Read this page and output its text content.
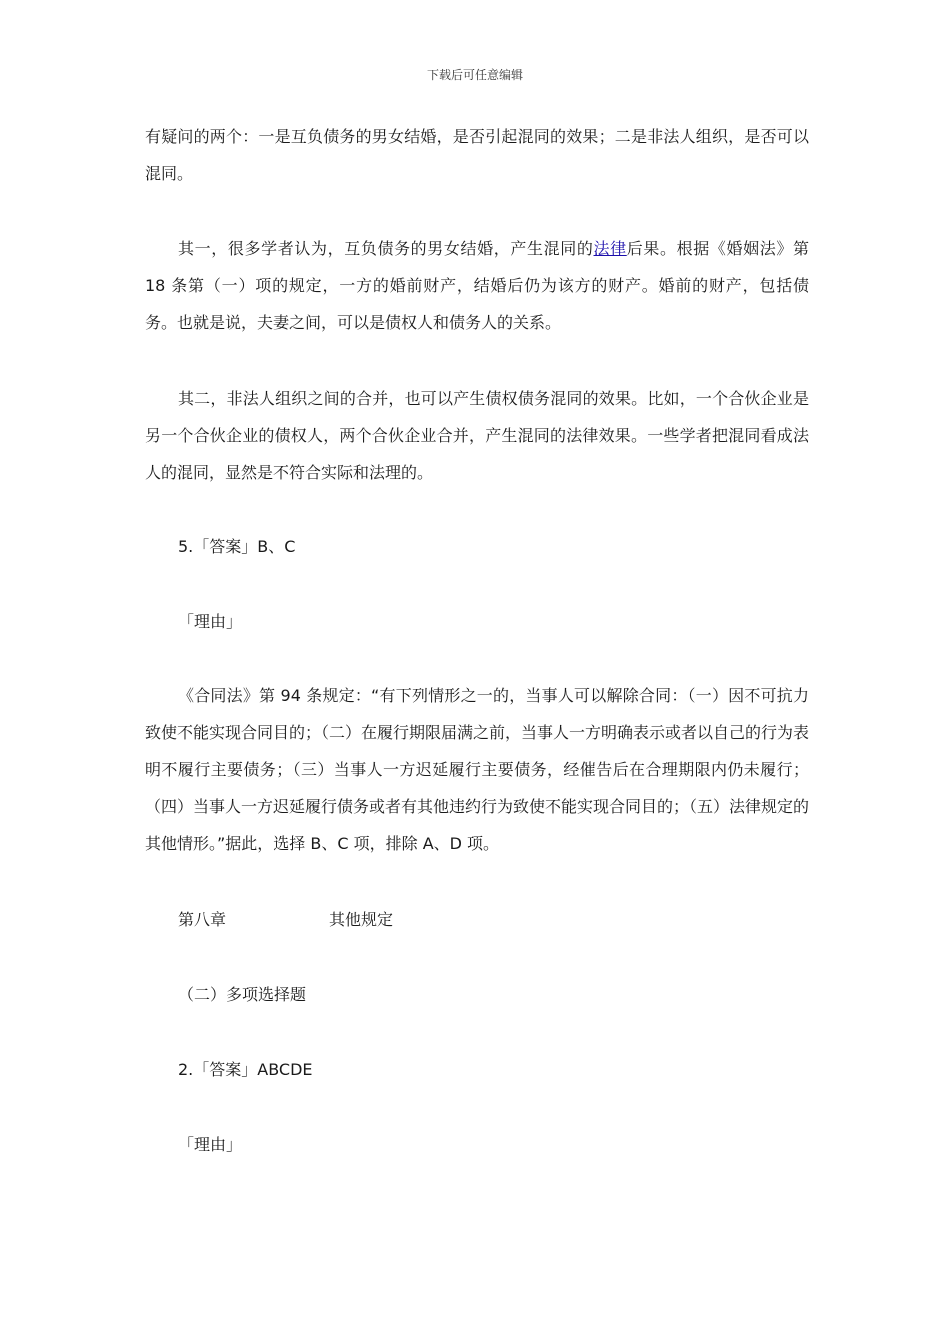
下载后可任意编辑

有疑问的两个：一是互负债务的男女结婚，是否引起混同的效果；二是非法人组织，是否可以混同。

其一，很多学者认为，互负债务的男女结婚，产生混同的法律后果。根据《婚姻法》第 18 条第（一）项的规定，一方的婚前财产，结婚后仍为该方的财产。婚前的财产，包括债务。也就是说，夫妻之间，可以是债权人和债务人的关系。

其二，非法人组织之间的合并，也可以产生债权债务混同的效果。比如，一个合伙企业是另一个合伙企业的债权人，两个合伙企业合并，产生混同的法律效果。一些学者把混同看成法人的混同，显然是不符合实际和法理的。

5.「答案」B、C
「理由」

《合同法》第 94 条规定：“有下列情形之一的，当事人可以解除合同：（一）因不可抗力致使不能实现合同目的；（二）在履行期限届满之前，当事人一方明确表示或者以自己的行为表明不履行主要债务；（三）当事人一方迟延履行主要债务，经催告后在合理期限内仍未履行；（四）当事人一方迟延履行债务或者有其他违约行为致使不能实现合同目的；（五）法律规定的其他情形。”据此，选择 B、C 项，排除 A、D 项。

第八章	其他规定
（二）多项选择题
2.「答案」ABCDE
「理由」
